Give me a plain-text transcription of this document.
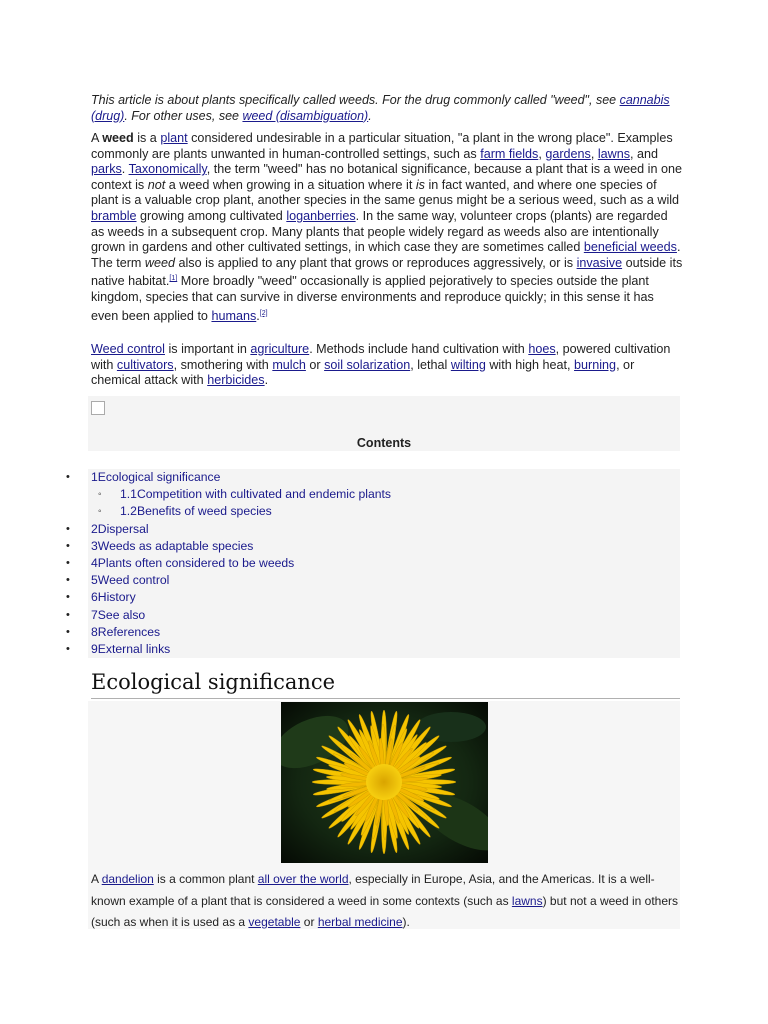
This article is about plants specifically called weeds. For the drug commonly called "weed", see cannabis (drug). For other uses, see weed (disambiguation).
A weed is a plant considered undesirable in a particular situation, "a plant in the wrong place". Examples commonly are plants unwanted in human-controlled settings, such as farm fields, gardens, lawns, and parks. Taxonomically, the term "weed" has no botanical significance, because a plant that is a weed in one context is not a weed when growing in a situation where it is in fact wanted, and where one species of plant is a valuable crop plant, another species in the same genus might be a serious weed, such as a wild bramble growing among cultivated loganberries. In the same way, volunteer crops (plants) are regarded as weeds in a subsequent crop. Many plants that people widely regard as weeds also are intentionally grown in gardens and other cultivated settings, in which case they are sometimes called beneficial weeds. The term weed also is applied to any plant that grows or reproduces aggressively, or is invasive outside its native habitat.[1] More broadly "weed" occasionally is applied pejoratively to species outside the plant kingdom, species that can survive in diverse environments and reproduce quickly; in this sense it has even been applied to humans.[2]
Weed control is important in agriculture. Methods include hand cultivation with hoes, powered cultivation with cultivators, smothering with mulch or soil solarization, lethal wilting with high heat, burning, or chemical attack with herbicides.
Contents
• 1Ecological significance
◦ 1.1Competition with cultivated and endemic plants
◦ 1.2Benefits of weed species
• 2Dispersal
• 3Weeds as adaptable species
• 4Plants often considered to be weeds
• 5Weed control
• 6History
• 7See also
• 8References
• 9External links
Ecological significance
A dandelion is a common plant all over the world, especially in Europe, Asia, and the Americas. It is a well-known example of a plant that is considered a weed in some contexts (such as lawns) but not a weed in others (such as when it is used as a vegetable or herbal medicine).
